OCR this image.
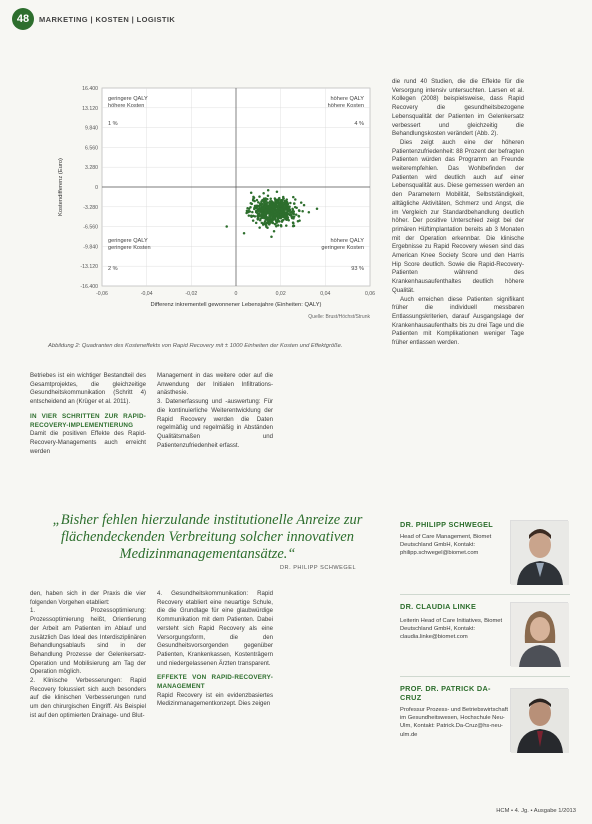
48 MARKETING | KOSTEN | LOGISTIK
16.400
13.120
9.840
6.560
3.280
0
-3.280
-6.560
-9.840
-13.120
-16.400
-0,06	-0,04	-0,02	0	0,02	0,04	0,06
geringere QALY
höhere Kosten
höhere QALY
höhere Kosten
geringere QALY
geringere Kosten
höhere QALY
geringere Kosten
1 %	4 %
2 %	93 %
Differenz inkrementell gewonnener Lebensjahre (Einheiten: QALY)
Kostendifferenz (Euro)
Quelle: Brust/Höchst/Strunk
Abbildung 2: Quadranten des Kosteneffekts von Rapid Recovery mit ± 1000 Einheiten der Kosten und Effektgröße.

Betriebes ist ein wichtiger Bestandteil des Gesamtprojektes, die gleichzeitige Gesundheitskommunikation (Schritt 4) entscheidend an (Krüger et al. 2011).

IN VIER SCHRITTEN ZUR RAPID-RECOVERY-IMPLEMENTIERUNG

Damit die positiven Effekte des Rapid-Recovery-Managements auch erreicht werden

Management in das weitere oder auf die Anwendung der Initialen Infiltrations-anästhesie.

3. Datenerfassung und -auswertung: Für die kontinuierliche Weiterentwicklung der Rapid Recovery werden die Daten regelmäßig und regelmäßig in Abständen Qualitätsmaßen und Patientenzufriedenheit erfasst.

die rund 40 Studien, die die Effekte für die Versorgung intensiv untersuchten. Larsen et al. Kollegen (2008) beispielsweise, dass Rapid Recovery die gesundheitsbezogene Lebensqualität der Patienten im Gelenkersatz verbessert und gleichzeitig die Behandlungskosten verändert (Abb. 2).

Dies zeigt auch eine der höheren Patientenzufriedenheit: 88 Prozent der befragten Patienten würden das Programm an Freunde weiterempfehlen. Das Wohlbefinden der Patienten wird deutlich auch auf einer Lebensqualität aus. Diese gemessen werden an den Parametern Mobilität, Selbstständigkeit, alltägliche Aktivitäten, Schmerz und Angst, die im Vergleich zur Standardbehandlung deutlich höher. Der positive Unterschied zeigt bei der primären Hüftimplantation bereits ab 3 Monaten mit der Operation erkennbar. Die klinische Ergebnisse zu Rapid Recovery wiesen sind das American Knee Society Score und den Harris Hip Score deutlich. Sowie die Rapid-Recovery-Patienten während des Krankenhausaufenthaltes deutlich höhere Qualität.

Auch erreichen diese Patienten signifikant früher die individuell messbaren Entlassungskriterien, darauf Ausgangslage der Krankenhausaufenthalts bis zu drei Tage und die Patienten mit Komplikationen weniger Tage früher entlassen werden.

„Bisher fehlen hierzulande institutionelle Anreize zur flächendeckenden Verbreitung solcher innovativen Medizinmanagementansätze.“
DR. PHILIPP SCHWEGEL

den, haben sich in der Praxis die vier folgenden Vorgehen etabliert:

1. Prozessoptimierung: Prozessoptimierung heißt, Orientierung der Arbeit am Patienten im Ablauf und zusätzlich Das Ideal des Interdisziplinären Behandlungsablaufs sind in der Behandlung Prozesse der Gelenkersatz-Operation und Mobilisierung am Tag der Operation möglich.

2. Klinische Verbesserungen: Rapid Recovery fokussiert sich auch besonders auf die klinischen Verbesserungen rund um den chirurgischen Eingriff. Als Beispiel ist auf den optimierten Drainage- und Blut-

4. Gesundheitskommunikation: Rapid Recovery etabliert eine neuartige Schule, die die Grundlage für eine glaubwürdige Kommunikation mit dem Patienten. Dabei versteht sich Rapid Recovery als eine Versorgungsform, die den Gesundheitsvorsorgenden gegenüber Patienten, Krankenkassen, Kostenträgern und niedergelassenen Ärzten transparent.

EFFEKTE VON RAPID-RECOVERY-MANAGEMENT

Rapid Recovery ist ein evidenzbasiertes Medizinmanagementkonzept. Dies zeigen

DR. PHILIPP SCHWEGEL
Head of Care Management, Biomet Deutschland GmbH, Kontakt: philipp.schwegel@biomet.com
DR. CLAUDIA LINKE
Leiterin Head of Care Initiatives, Biomet Deutschland GmbH, Kontakt: claudia.linke@biomet.com
PROF. DR. PATRICK DA-CRUZ
Professur Prozess- und Betriebswirtschaft im Gesundheitswesen, Hochschule Neu-Ulm, Kontakt: Patrick.Da-Cruz@hs-neu-ulm.de
HCM • 4. Jg. • Ausgabe 1/2013
